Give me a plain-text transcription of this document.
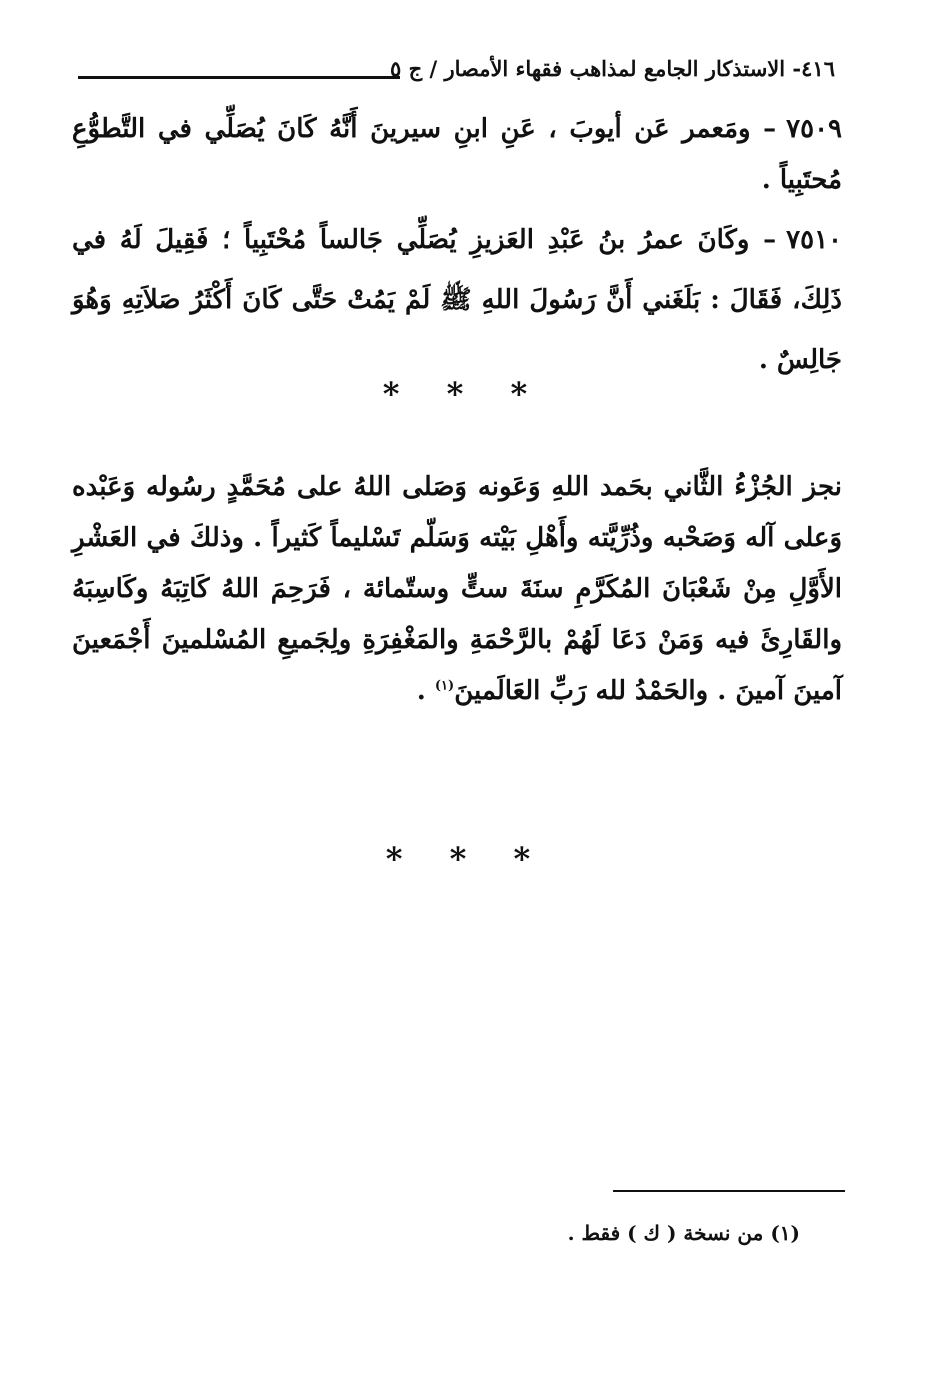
٤١٦- الاستذكار الجامع لمذاهب فقهاء الأمصار / ج ٥

٧٥٠٩– ومَعمر عَن أيوبَ ، عَنِ ابنِ سيرينَ أَنَّهُ كَانَ يُصَلِّي في التَّطوُّعِ مُحتَبِياً .

٧٥١٠– وكَانَ عمرُ بنُ عَبْدِ العَزيزِ يُصَلِّي جَالساً مُحْتَبِياً ؛ فَقِيلَ لَهُ في ذَلِكَ، فَقَالَ : بَلَغَني أَنَّ رَسُولَ اللهِ ﷺ لَمْ يَمُتْ حَتَّى كَانَ أَكْثَرُ صَلاَتِهِ وَهُوَ جَالِسٌ .

* * *

نجز الجُزْءُ الثَّاني بحَمد اللهِ وَعَونه وَصَلى اللهُ على مُحَمَّدٍ رسُوله وَعَبْده وَعلى آله وَصَحْبه وذُرِّيَّته وأَهْلِ بَيْته وَسَلّم تَسْليماً كَثيراً . وذلكَ في العَشْرِ الأَوَّلِ مِنْ شَعْبَانَ المُكَرَّمِ سنَةَ ستٍّ وستّمائة ، فَرَحِمَ اللهُ كَاتِبَهُ وكَاسِبَهُ والقَارِئَ فيه وَمَنْ دَعَا لَهُمْ بالرَّحْمَةِ والمَغْفِرَةِ ولِجَميعِ المُسْلمينَ أَجْمَعينَ آمينَ آمينَ . والحَمْدُ لله رَبِّ العَالَمينَ$^{(١)}$ .

* * *
(١) من نسخة ( ك ) فقط .
